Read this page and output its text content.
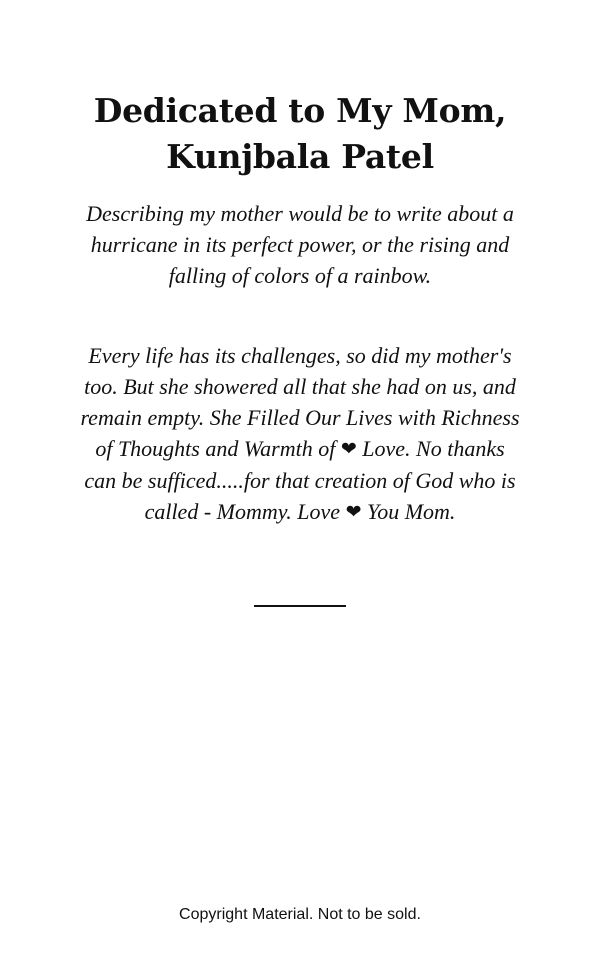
Dedicated to My Mom,
Kunjbala Patel

Describing my mother would be to write about a hurricane in its perfect power, or the rising and falling of colors of a rainbow.

Every life has its challenges, so did my mother's too. But she showered all that she had on us, and remain empty. She Filled Our Lives with Richness of Thoughts and Warmth of ❤ Love. No thanks can be sufficed.....for that creation of God who is called - Mommy. Love ❤ You Mom.

Copyright Material. Not to be sold.
